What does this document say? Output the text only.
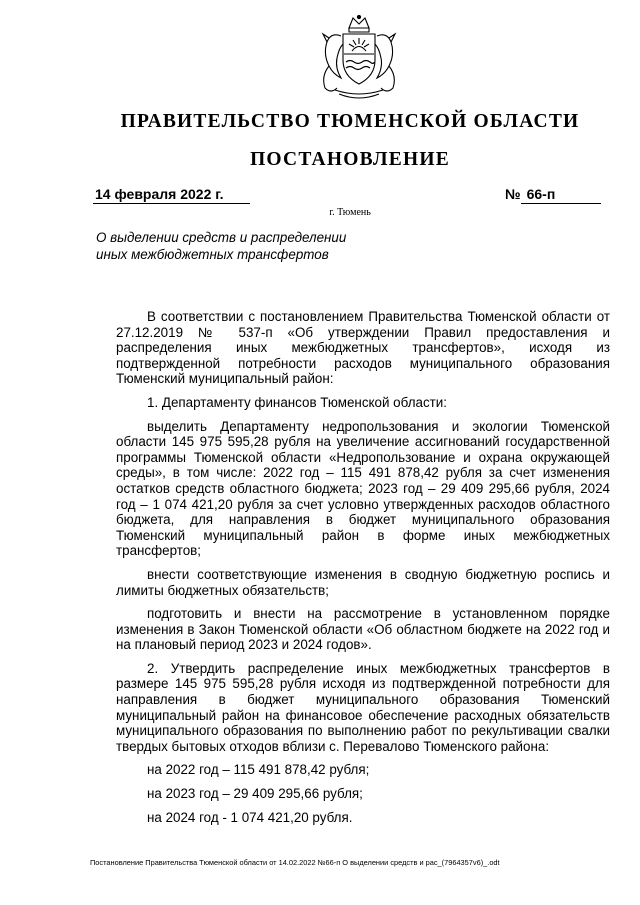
ПРАВИТЕЛЬСТВО ТЮМЕНСКОЙ ОБЛАСТИ
ПОСТАНОВЛЕНИЕ
14 февраля 2022 г.	№ 66-п
г. Тюмень
О выделении средств и распределении
иных межбюджетных трансфертов

В соответствии с постановлением Правительства Тюменской области от 27.12.2019 № 537-п «Об утверждении Правил предоставления и распределения иных межбюджетных трансфертов», исходя из подтвержденной потребности расходов муниципального образования Тюменский муниципальный район:

1. Департаменту финансов Тюменской области:

выделить Департаменту недропользования и экологии Тюменской области 145 975 595,28 рубля на увеличение ассигнований государственной программы Тюменской области «Недропользование и охрана окружающей среды», в том числе: 2022 год – 115 491 878,42 рубля за счет изменения остатков средств областного бюджета; 2023 год – 29 409 295,66 рубля, 2024 год – 1 074 421,20 рубля за счет условно утвержденных расходов областного бюджета, для направления в бюджет муниципального образования Тюменский муниципальный район в форме иных межбюджетных трансфертов;

внести соответствующие изменения в сводную бюджетную роспись и лимиты бюджетных обязательств;

подготовить и внести на рассмотрение в установленном порядке изменения в Закон Тюменской области «Об областном бюджете на 2022 год и на плановый период 2023 и 2024 годов».

2. Утвердить распределение иных межбюджетных трансфертов в размере 145 975 595,28 рубля исходя из подтвержденной потребности для направления в бюджет муниципального образования Тюменский муниципальный район на финансовое обеспечение расходных обязательств муниципального образования по выполнению работ по рекультивации свалки твердых бытовых отходов вблизи с. Перевалово Тюменского района:

на 2022 год – 115 491 878,42 рубля;

на 2023 год – 29 409 295,66 рубля;

на 2024 год - 1 074 421,20 рубля.

Постановление Правительства Тюменской области от 14.02.2022 №66-п О выделении средств и рас_(7964357v6)_.odt
